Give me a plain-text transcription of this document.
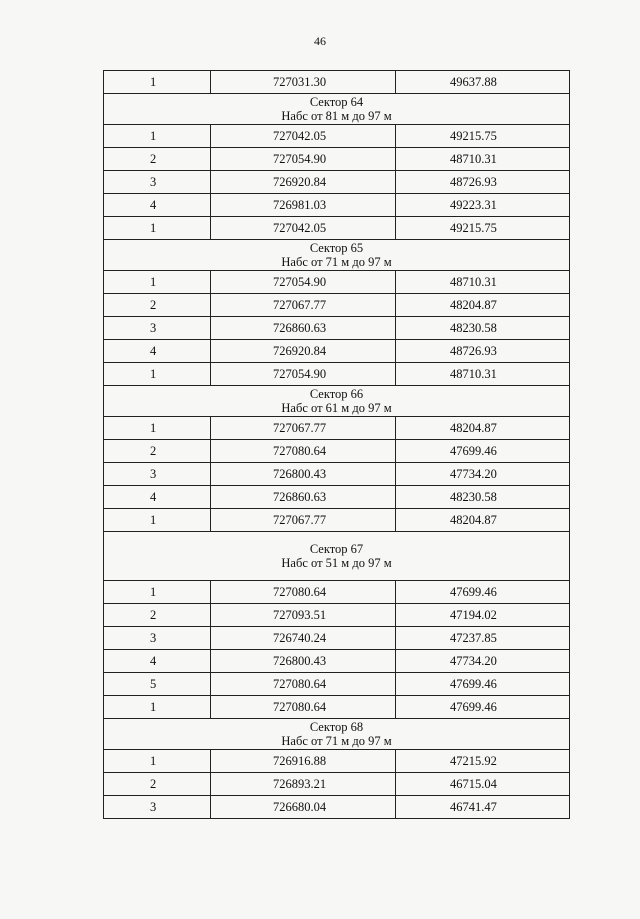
46
1	727031.30	49637.88

Сектор 64
Набс от 81 м до 97 м		

1	727042.05	49215.75
2	727054.90	48710.31
3	726920.84	48726.93
4	726981.03	49223.31
1	727042.05	49215.75

Сектор 65
Набс от 71 м до 97 м		

1	727054.90	48710.31
2	727067.77	48204.87
3	726860.63	48230.58
4	726920.84	48726.93
1	727054.90	48710.31

Сектор 66
Набс от 61 м до 97 м		

1	727067.77	48204.87
2	727080.64	47699.46
3	726800.43	47734.20
4	726860.63	48230.58
1	727067.77	48204.87

Сектор 67
Набс от 51 м до 97 м		

1	727080.64	47699.46
2	727093.51	47194.02
3	726740.24	47237.85
4	726800.43	47734.20
5	727080.64	47699.46
1	727080.64	47699.46

Сектор 68
Набс от 71 м до 97 м		

1	726916.88	47215.92
2	726893.21	46715.04
3	726680.04	46741.47
